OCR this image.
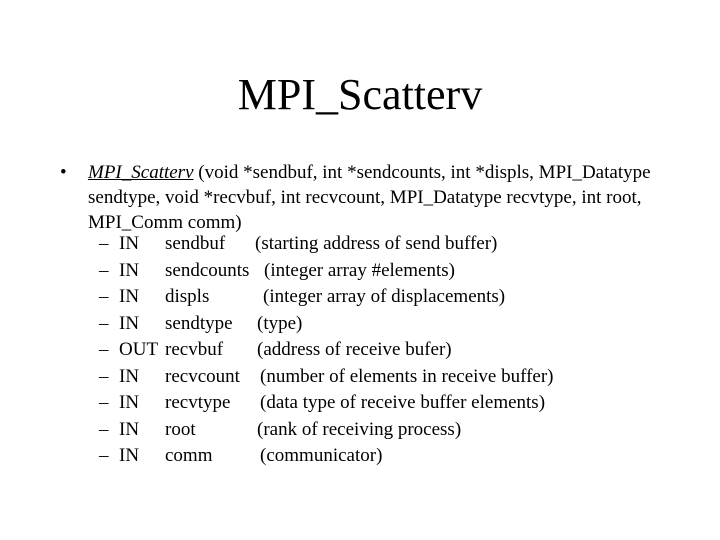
MPI_Scatterv
•	MPI_Scatterv (void *sendbuf, int *sendcounts, int *displs, MPI_Datatype sendtype, void *recvbuf, int recvcount, MPI_Datatype recvtype, int root, MPI_Comm comm)
– IN sendbuf (starting address of send buffer)
– IN sendcounts (integer array #elements)
– IN displs	(integer array of displacements)
– IN sendtype (type)
– OUT recvbuf (address of receive bufer)
– IN recvcount (number of elements in receive buffer)
– IN recvtype (data type of receive buffer elements)
– IN root	(rank of receiving process)
– IN comm	(communicator)
